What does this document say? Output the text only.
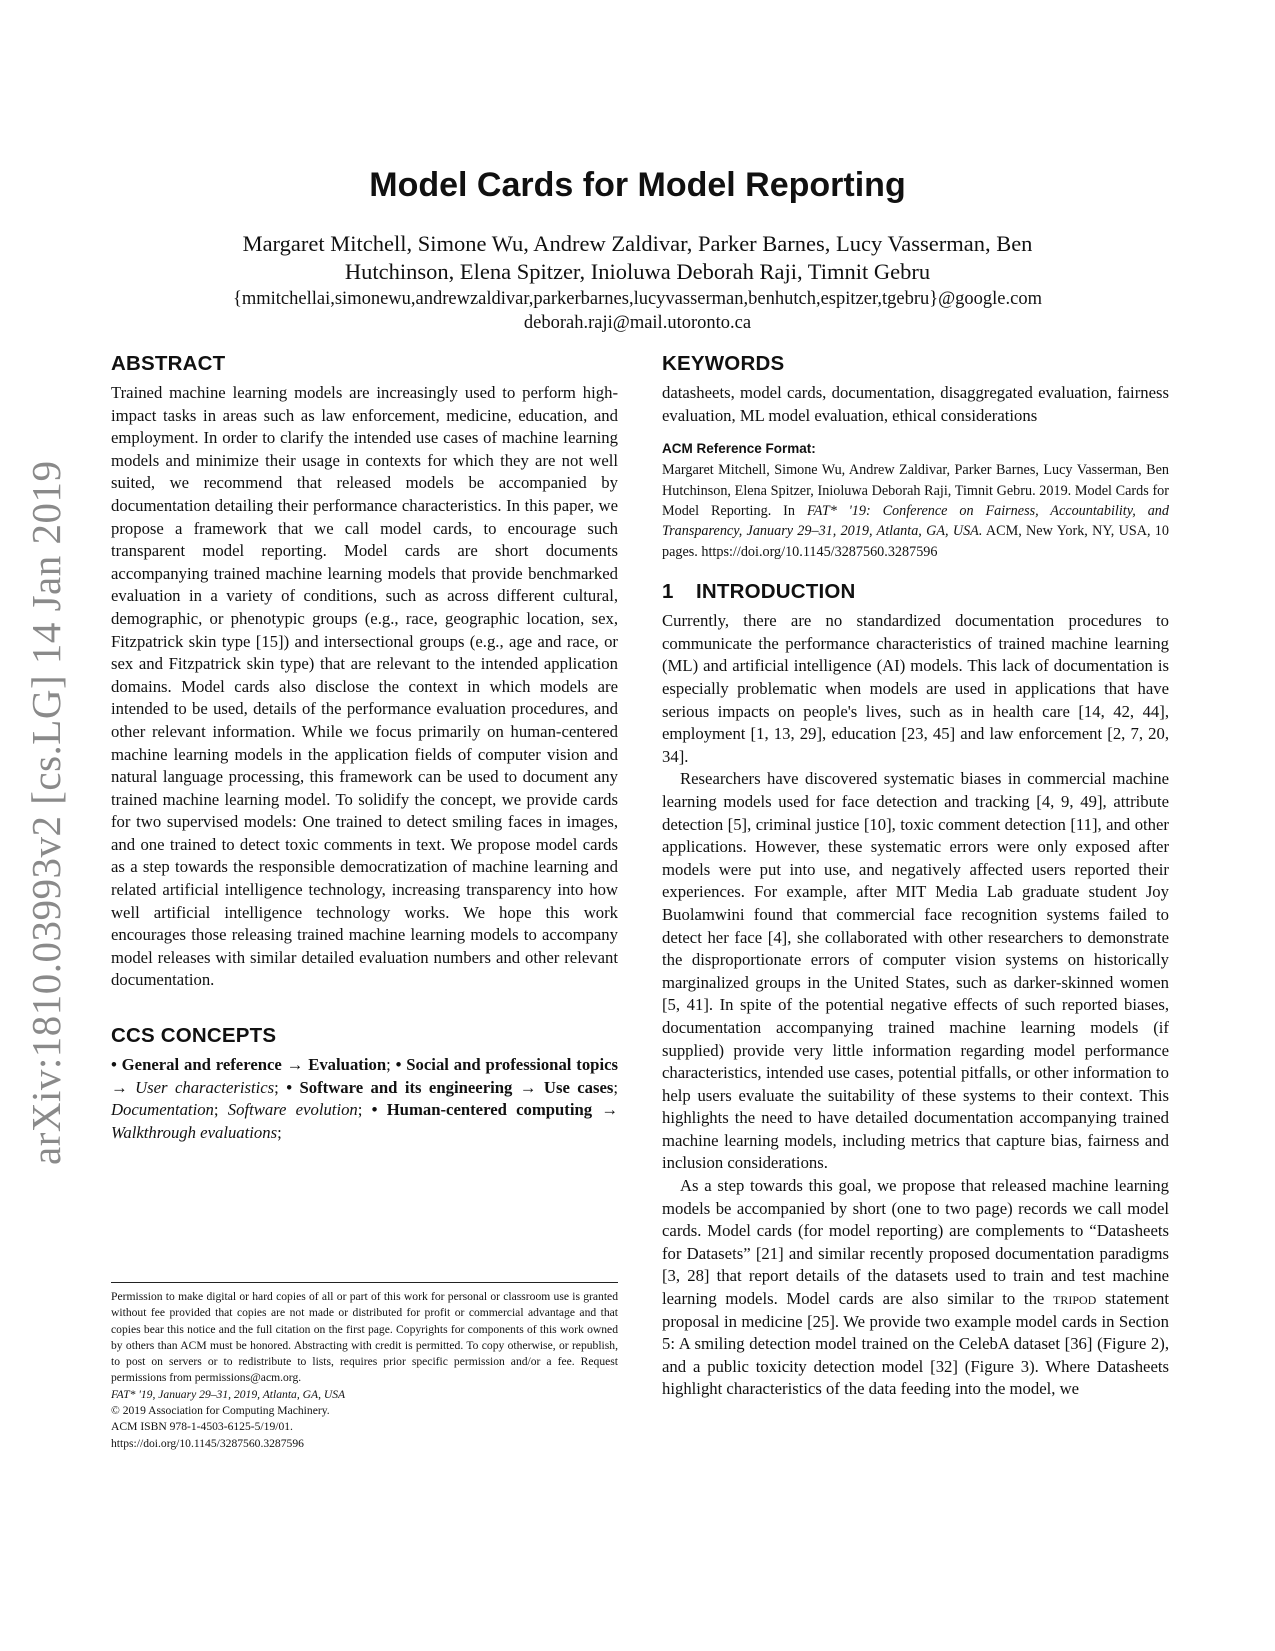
arXiv:1810.03993v2 [cs.LG] 14 Jan 2019
Model Cards for Model Reporting
Margaret Mitchell, Simone Wu, Andrew Zaldivar, Parker Barnes, Lucy Vasserman, Ben
Hutchinson, Elena Spitzer, Inioluwa Deborah Raji, Timnit Gebru
{mmitchellai,simonewu,andrewzaldivar,parkerbarnes,lucyvasserman,benhutch,espitzer,tgebru}@google.com
deborah.raji@mail.utoronto.ca
ABSTRACT

Trained machine learning models are increasingly used to perform high-impact tasks in areas such as law enforcement, medicine, education, and employment. In order to clarify the intended use cases of machine learning models and minimize their usage in contexts for which they are not well suited, we recommend that released models be accompanied by documentation detailing their performance characteristics. In this paper, we propose a framework that we call model cards, to encourage such transparent model reporting. Model cards are short documents accompanying trained machine learning models that provide benchmarked evaluation in a variety of conditions, such as across different cultural, demographic, or phenotypic groups (e.g., race, geographic location, sex, Fitzpatrick skin type [15]) and intersectional groups (e.g., age and race, or sex and Fitzpatrick skin type) that are relevant to the intended application domains. Model cards also disclose the context in which models are intended to be used, details of the performance evaluation procedures, and other relevant information. While we focus primarily on human-centered machine learning models in the application fields of computer vision and natural language processing, this framework can be used to document any trained machine learning model. To solidify the concept, we provide cards for two supervised models: One trained to detect smiling faces in images, and one trained to detect toxic comments in text. We propose model cards as a step towards the responsible democratization of machine learning and related artificial intelligence technology, increasing transparency into how well artificial intelligence technology works. We hope this work encourages those releasing trained machine learning models to accompany model releases with similar detailed evaluation numbers and other relevant documentation.

CCS CONCEPTS

• General and reference → Evaluation; • Social and professional topics → User characteristics; • Software and its engineering → Use cases; Documentation; Software evolution; • Human-centered computing → Walkthrough evaluations;

Permission to make digital or hard copies of all or part of this work for personal or classroom use is granted without fee provided that copies are not made or distributed for profit or commercial advantage and that copies bear this notice and the full citation on the first page. Copyrights for components of this work owned by others than ACM must be honored. Abstracting with credit is permitted. To copy otherwise, or republish, to post on servers or to redistribute to lists, requires prior specific permission and/or a fee. Request permissions from permissions@acm.org.

FAT* '19, January 29–31, 2019, Atlanta, GA, USA

© 2019 Association for Computing Machinery.

ACM ISBN 978-1-4503-6125-5/19/01.

https://doi.org/10.1145/3287560.3287596

KEYWORDS

datasheets, model cards, documentation, disaggregated evaluation, fairness evaluation, ML model evaluation, ethical considerations

ACM Reference Format:

Margaret Mitchell, Simone Wu, Andrew Zaldivar, Parker Barnes, Lucy Vasserman, Ben Hutchinson, Elena Spitzer, Inioluwa Deborah Raji, Timnit Gebru. 2019. Model Cards for Model Reporting. In FAT* '19: Conference on Fairness, Accountability, and Transparency, January 29–31, 2019, Atlanta, GA, USA. ACM, New York, NY, USA, 10 pages. https://doi.org/10.1145/3287560.3287596

1 INTRODUCTION

Currently, there are no standardized documentation procedures to communicate the performance characteristics of trained machine learning (ML) and artificial intelligence (AI) models. This lack of documentation is especially problematic when models are used in applications that have serious impacts on people's lives, such as in health care [14, 42, 44], employment [1, 13, 29], education [23, 45] and law enforcement [2, 7, 20, 34].

Researchers have discovered systematic biases in commercial machine learning models used for face detection and tracking [4, 9, 49], attribute detection [5], criminal justice [10], toxic comment detection [11], and other applications. However, these systematic errors were only exposed after models were put into use, and negatively affected users reported their experiences. For example, after MIT Media Lab graduate student Joy Buolamwini found that commercial face recognition systems failed to detect her face [4], she collaborated with other researchers to demonstrate the disproportionate errors of computer vision systems on historically marginalized groups in the United States, such as darker-skinned women [5, 41]. In spite of the potential negative effects of such reported biases, documentation accompanying trained machine learning models (if supplied) provide very little information regarding model performance characteristics, intended use cases, potential pitfalls, or other information to help users evaluate the suitability of these systems to their context. This highlights the need to have detailed documentation accompanying trained machine learning models, including metrics that capture bias, fairness and inclusion considerations.

As a step towards this goal, we propose that released machine learning models be accompanied by short (one to two page) records we call model cards. Model cards (for model reporting) are complements to “Datasheets for Datasets” [21] and similar recently proposed documentation paradigms [3, 28] that report details of the datasets used to train and test machine learning models. Model cards are also similar to the tripod statement proposal in medicine [25]. We provide two example model cards in Section 5: A smiling detection model trained on the CelebA dataset [36] (Figure 2), and a public toxicity detection model [32] (Figure 3). Where Datasheets highlight characteristics of the data feeding into the model, we
